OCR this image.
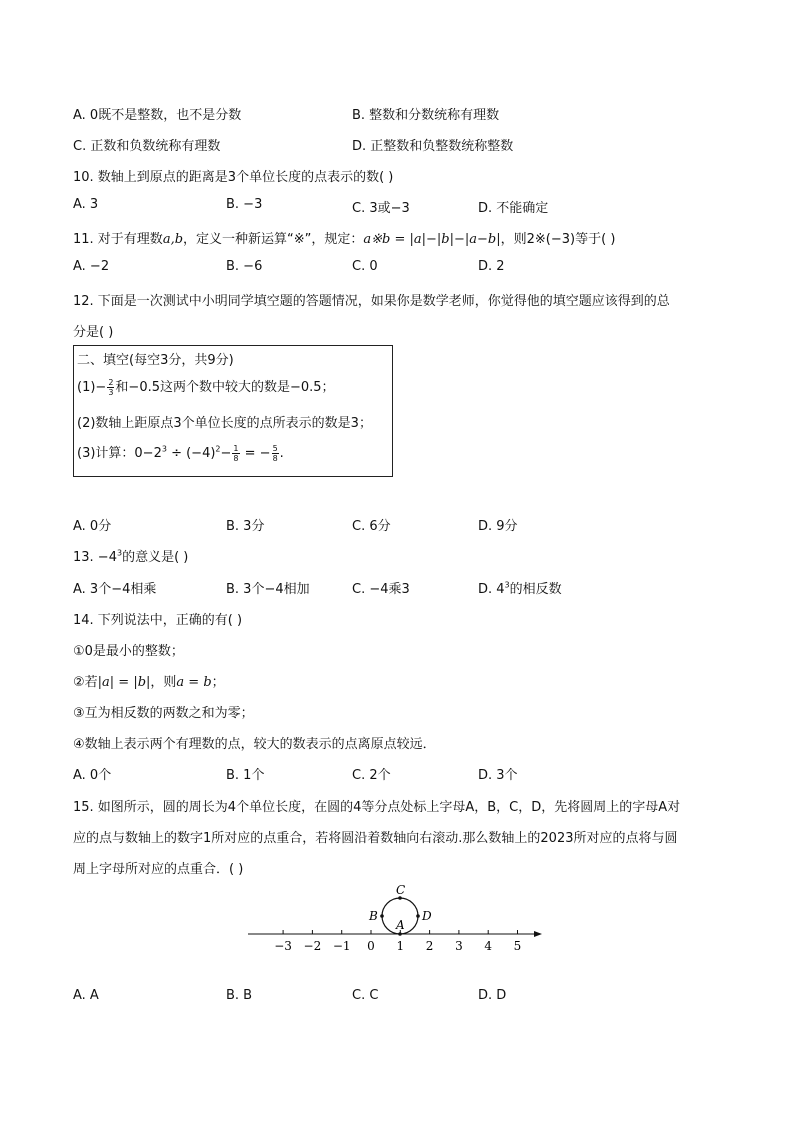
A. 0既不是整数，也不是分数	B. 整数和分数统称有理数
C. 正数和负数统称有理数	D. 正整数和负整数统称整数
10. 数轴上到原点的距离是3个单位长度的点表示的数( )
A. 3	B. −3	C. 3或−3	D. 不能确定
11. 对于有理数a,b，定义一种新运算“※”，规定：a※b = |a|−|b|−|a−b|，则2※(−3)等于( )
A. −2	B. −6	C. 0	D. 2
12. 下面是一次测试中小明同学填空题的答题情况，如果你是数学老师，你觉得他的填空题应该得到的总
分是( )
二、填空(每空3分，共9分)
$(1)- \frac{2}{3}$ 和−0.5这两个数中较大的数是−0.5；
(2)数轴上距原点3个单位长度的点所表示的数是3；
(3)计算：$0-2^3 \div (-4)^2- \frac{1}{8}$ = − $\frac{5}{8}$ .
A. 0分	B. 3分	C. 6分	D. 9分
13. $-4^3$的意义是( )
A. 3个−4相乘	B. 3个−4相加	C. −4乘3	D. $4^3$的相反数
14. 下列说法中，正确的有( )
①0是最小的整数；
②若|a| = |b|，则a = b；
③互为相反数的两数之和为零；
④数轴上表示两个有理数的点，较大的数表示的点离原点较远．
A. 0个	B. 1个	C. 2个	D. 3个
15. 如图所示，圆的周长为4个单位长度，在圆的4等分点处标上字母A，B，C，D，先将圆周上的字母A对
应的点与数轴上的数字1所对应的点重合，若将圆沿着数轴向右滚动.那么数轴上的2023所对应的点将与圆
周上字母所对应的点重合．( )
−3 −2 −1 0 1 2 3 4 5
A
B
C
D
A. A	B. B	C. C	D. D
